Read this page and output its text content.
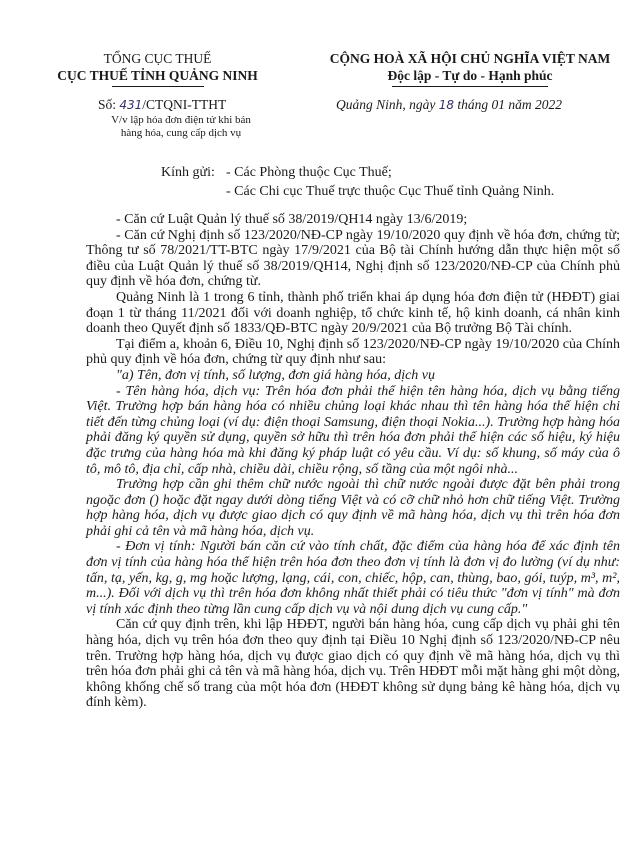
TỔNG CỤC THUẾ
CỤC THUẾ TỈNH QUẢNG NINH
CỘNG HOÀ XÃ HỘI CHỦ NGHĨA VIỆT NAM
Độc lập - Tự do - Hạnh phúc
Số: 431/CTQNI-TTHT
V/v lập hóa đơn điện tử khi bán
hàng hóa, cung cấp dịch vụ
Quảng Ninh, ngày 18 tháng 01 năm 2022
Kính gửi: - Các Phòng thuộc Cục Thuế;
- Các Chi cục Thuế trực thuộc Cục Thuế tỉnh Quảng Ninh.

- Căn cứ Luật Quản lý thuế số 38/2019/QH14 ngày 13/6/2019;

- Căn cứ Nghị định số 123/2020/NĐ-CP ngày 19/10/2020 quy định về hóa đơn, chứng từ; Thông tư số 78/2021/TT-BTC ngày 17/9/2021 của Bộ tài Chính hướng dẫn thực hiện một số điều của Luật Quản lý thuế số 38/2019/QH14, Nghị định số 123/2020/NĐ-CP của Chính phủ quy định về hóa đơn, chứng từ.

Quảng Ninh là 1 trong 6 tỉnh, thành phố triển khai áp dụng hóa đơn điện tử (HĐĐT) giai đoạn 1 từ tháng 11/2021 đối với doanh nghiệp, tổ chức kinh tế, hộ kinh doanh, cá nhân kinh doanh theo Quyết định số 1833/QĐ-BTC ngày 20/9/2021 của Bộ trưởng Bộ Tài chính.

Tại điểm a, khoản 6, Điều 10, Nghị định số 123/2020/NĐ-CP ngày 19/10/2020 của Chính phủ quy định về hóa đơn, chứng từ quy định như sau:

"a) Tên, đơn vị tính, số lượng, đơn giá hàng hóa, dịch vụ

- Tên hàng hóa, dịch vụ: Trên hóa đơn phải thể hiện tên hàng hóa, dịch vụ bằng tiếng Việt. Trường hợp bán hàng hóa có nhiều chủng loại khác nhau thì tên hàng hóa thể hiện chi tiết đến từng chủng loại (ví dụ: điện thoại Samsung, điện thoại Nokia...). Trường hợp hàng hóa phải đăng ký quyền sử dụng, quyền sở hữu thì trên hóa đơn phải thể hiện các số hiệu, ký hiệu đặc trưng của hàng hóa mà khi đăng ký pháp luật có yêu cầu. Ví dụ: số khung, số máy của ô tô, mô tô, địa chỉ, cấp nhà, chiều dài, chiều rộng, số tầng của một ngôi nhà...

Trường hợp cần ghi thêm chữ nước ngoài thì chữ nước ngoài được đặt bên phải trong ngoặc đơn () hoặc đặt ngay dưới dòng tiếng Việt và có cỡ chữ nhỏ hơn chữ tiếng Việt. Trường hợp hàng hóa, dịch vụ được giao dịch có quy định về mã hàng hóa, dịch vụ thì trên hóa đơn phải ghi cả tên và mã hàng hóa, dịch vụ.

- Đơn vị tính: Người bán căn cứ vào tính chất, đặc điểm của hàng hóa để xác định tên đơn vị tính của hàng hóa thể hiện trên hóa đơn theo đơn vị tính là đơn vị đo lường (ví dụ như: tấn, tạ, yến, kg, g, mg hoặc lượng, lạng, cái, con, chiếc, hộp, can, thùng, bao, gói, tuýp, m³, m², m...). Đối với dịch vụ thì trên hóa đơn không nhất thiết phải có tiêu thức "đơn vị tính" mà đơn vị tính xác định theo từng lần cung cấp dịch vụ và nội dung dịch vụ cung cấp."

Căn cứ quy định trên, khi lập HĐĐT, người bán hàng hóa, cung cấp dịch vụ phải ghi tên hàng hóa, dịch vụ trên hóa đơn theo quy định tại Điều 10 Nghị định số 123/2020/NĐ-CP nêu trên. Trường hợp hàng hóa, dịch vụ được giao dịch có quy định về mã hàng hóa, dịch vụ thì trên hóa đơn phải ghi cả tên và mã hàng hóa, dịch vụ. Trên HĐĐT mỗi mặt hàng ghi một dòng, không khống chế số trang của một hóa đơn (HĐĐT không sử dụng bảng kê hàng hóa, dịch vụ đính kèm).
